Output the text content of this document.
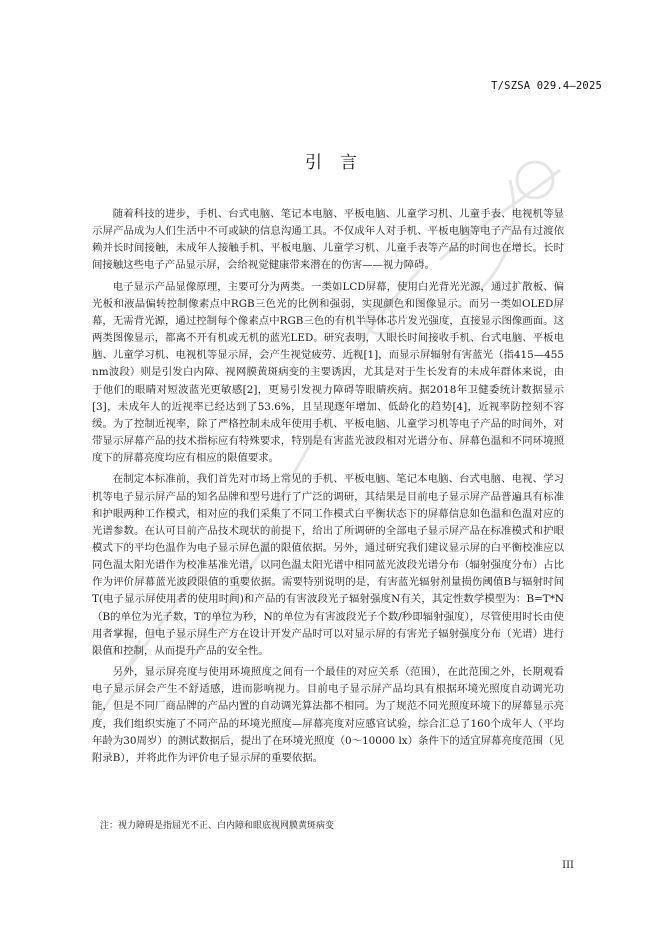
T/SZSA 029.4—2025
引言

随着科技的进步，手机、台式电脑、笔记本电脑、平板电脑、儿童学习机、儿童手表、电视机等显示屏产品成为人们生活中不可或缺的信息沟通工具。不仅成年人对手机、平板电脑等电子产品有过渡依赖并长时间接触，未成年人接触手机、平板电脑、儿童学习机、儿童手表等产品的时间也在增长。长时间接触这些电子产品显示屏，会给视觉健康带来潜在的伤害——视力障碍。

电子显示产品显像原理，主要可分为两类。一类如LCD屏幕，使用白光背光光源，通过扩散板、偏光板和液晶偏转控制像素点中RGB三色光的比例和强弱，实现颜色和图像显示。而另一类如OLED屏幕，无需背光源，通过控制每个像素点中RGB三色的有机半导体芯片发光强度，直接显示图像画面。这两类图像显示，都离不开有机或无机的蓝光LED。研究表明，人眼长时间接收手机、台式电脑、平板电脑、儿童学习机、电视机等显示屏，会产生视觉疲劳、近视[1]，而显示屏辐射有害蓝光（指415—455 nm波段）则是引发白内障、视网膜黄斑病变的主要诱因，尤其是对于生长发育的未成年群体来说，由于他们的眼睛对短波蓝光更敏感[2]，更易引发视力障碍等眼睛疾病。据2018年卫健委统计数据显示[3]，未成年人的近视率已经达到了53.6%，且呈现逐年增加、低龄化的趋势[4]，近视率防控刻不容缓。为了控制近视率，除了严格控制未成年使用手机、平板电脑、儿童学习机等电子产品的时间外，对带显示屏幕产品的技术指标应有特殊要求，特别是有害蓝光波段相对光谱分布、屏幕色温和不同环境照度下的屏幕亮度均应有相应的限值要求。

在制定本标准前，我们首先对市场上常见的手机、平板电脑、笔记本电脑、台式电脑、电视、学习机等电子显示屏产品的知名品牌和型号进行了广泛的调研，其结果是目前电子显示屏产品普遍具有标准和护眼两种工作模式，相对应的我们采集了不同工作模式白平衡状态下的屏幕信息如色温和色温对应的光谱参数。在认可目前产品技术现状的前提下，给出了所调研的全部电子显示屏产品在标准模式和护眼模式下的平均色温作为电子显示屏色温的限值依据。另外，通过研究我们建议显示屏的白平衡校准应以同色温太阳光谱作为校准基准光谱，以同色温太阳光谱中相同蓝光波段光谱分布（辐射强度分布）占比作为评价屏幕蓝光波段限值的重要依据。需要特别说明的是，有害蓝光辐射剂量损伤阈值B与辐射时间T(电子显示屏使用者的使用时间)和产品的有害波段光子辐射强度N有关，其定性数学模型为：B=T*N（B的单位为光子数，T的单位为秒，N的单位为有害波段光子个数/秒即辐射强度），尽管使用时长由使用者掌握，但电子显示屏生产方在设计开发产品时可以对显示屏的有害光子辐射强度分布（光谱）进行限值和控制，从而提升产品的安全性。

另外，显示屏亮度与使用环境照度之间有一个最佳的对应关系（范围），在此范围之外，长期观看电子显示屏会产生不舒适感，进而影响视力。目前电子显示屏产品均具有根据环境光照度自动调光功能，但是不同厂商品牌的产品内置的自动调光算法都不相同。为了规范不同光照度环境下的屏幕显示亮度，我们组织实施了不同产品的环境光照度—屏幕亮度对应感官试验，综合汇总了160个成年人（平均年龄为30周岁）的测试数据后，提出了在环境光照度（0～10000 lx）条件下的适宜屏幕亮度范围（见附录B），并将此作为评价电子显示屏的重要依据。

注：视力障碍是指屈光不正、白内障和眼底视网膜黄斑病变
III
